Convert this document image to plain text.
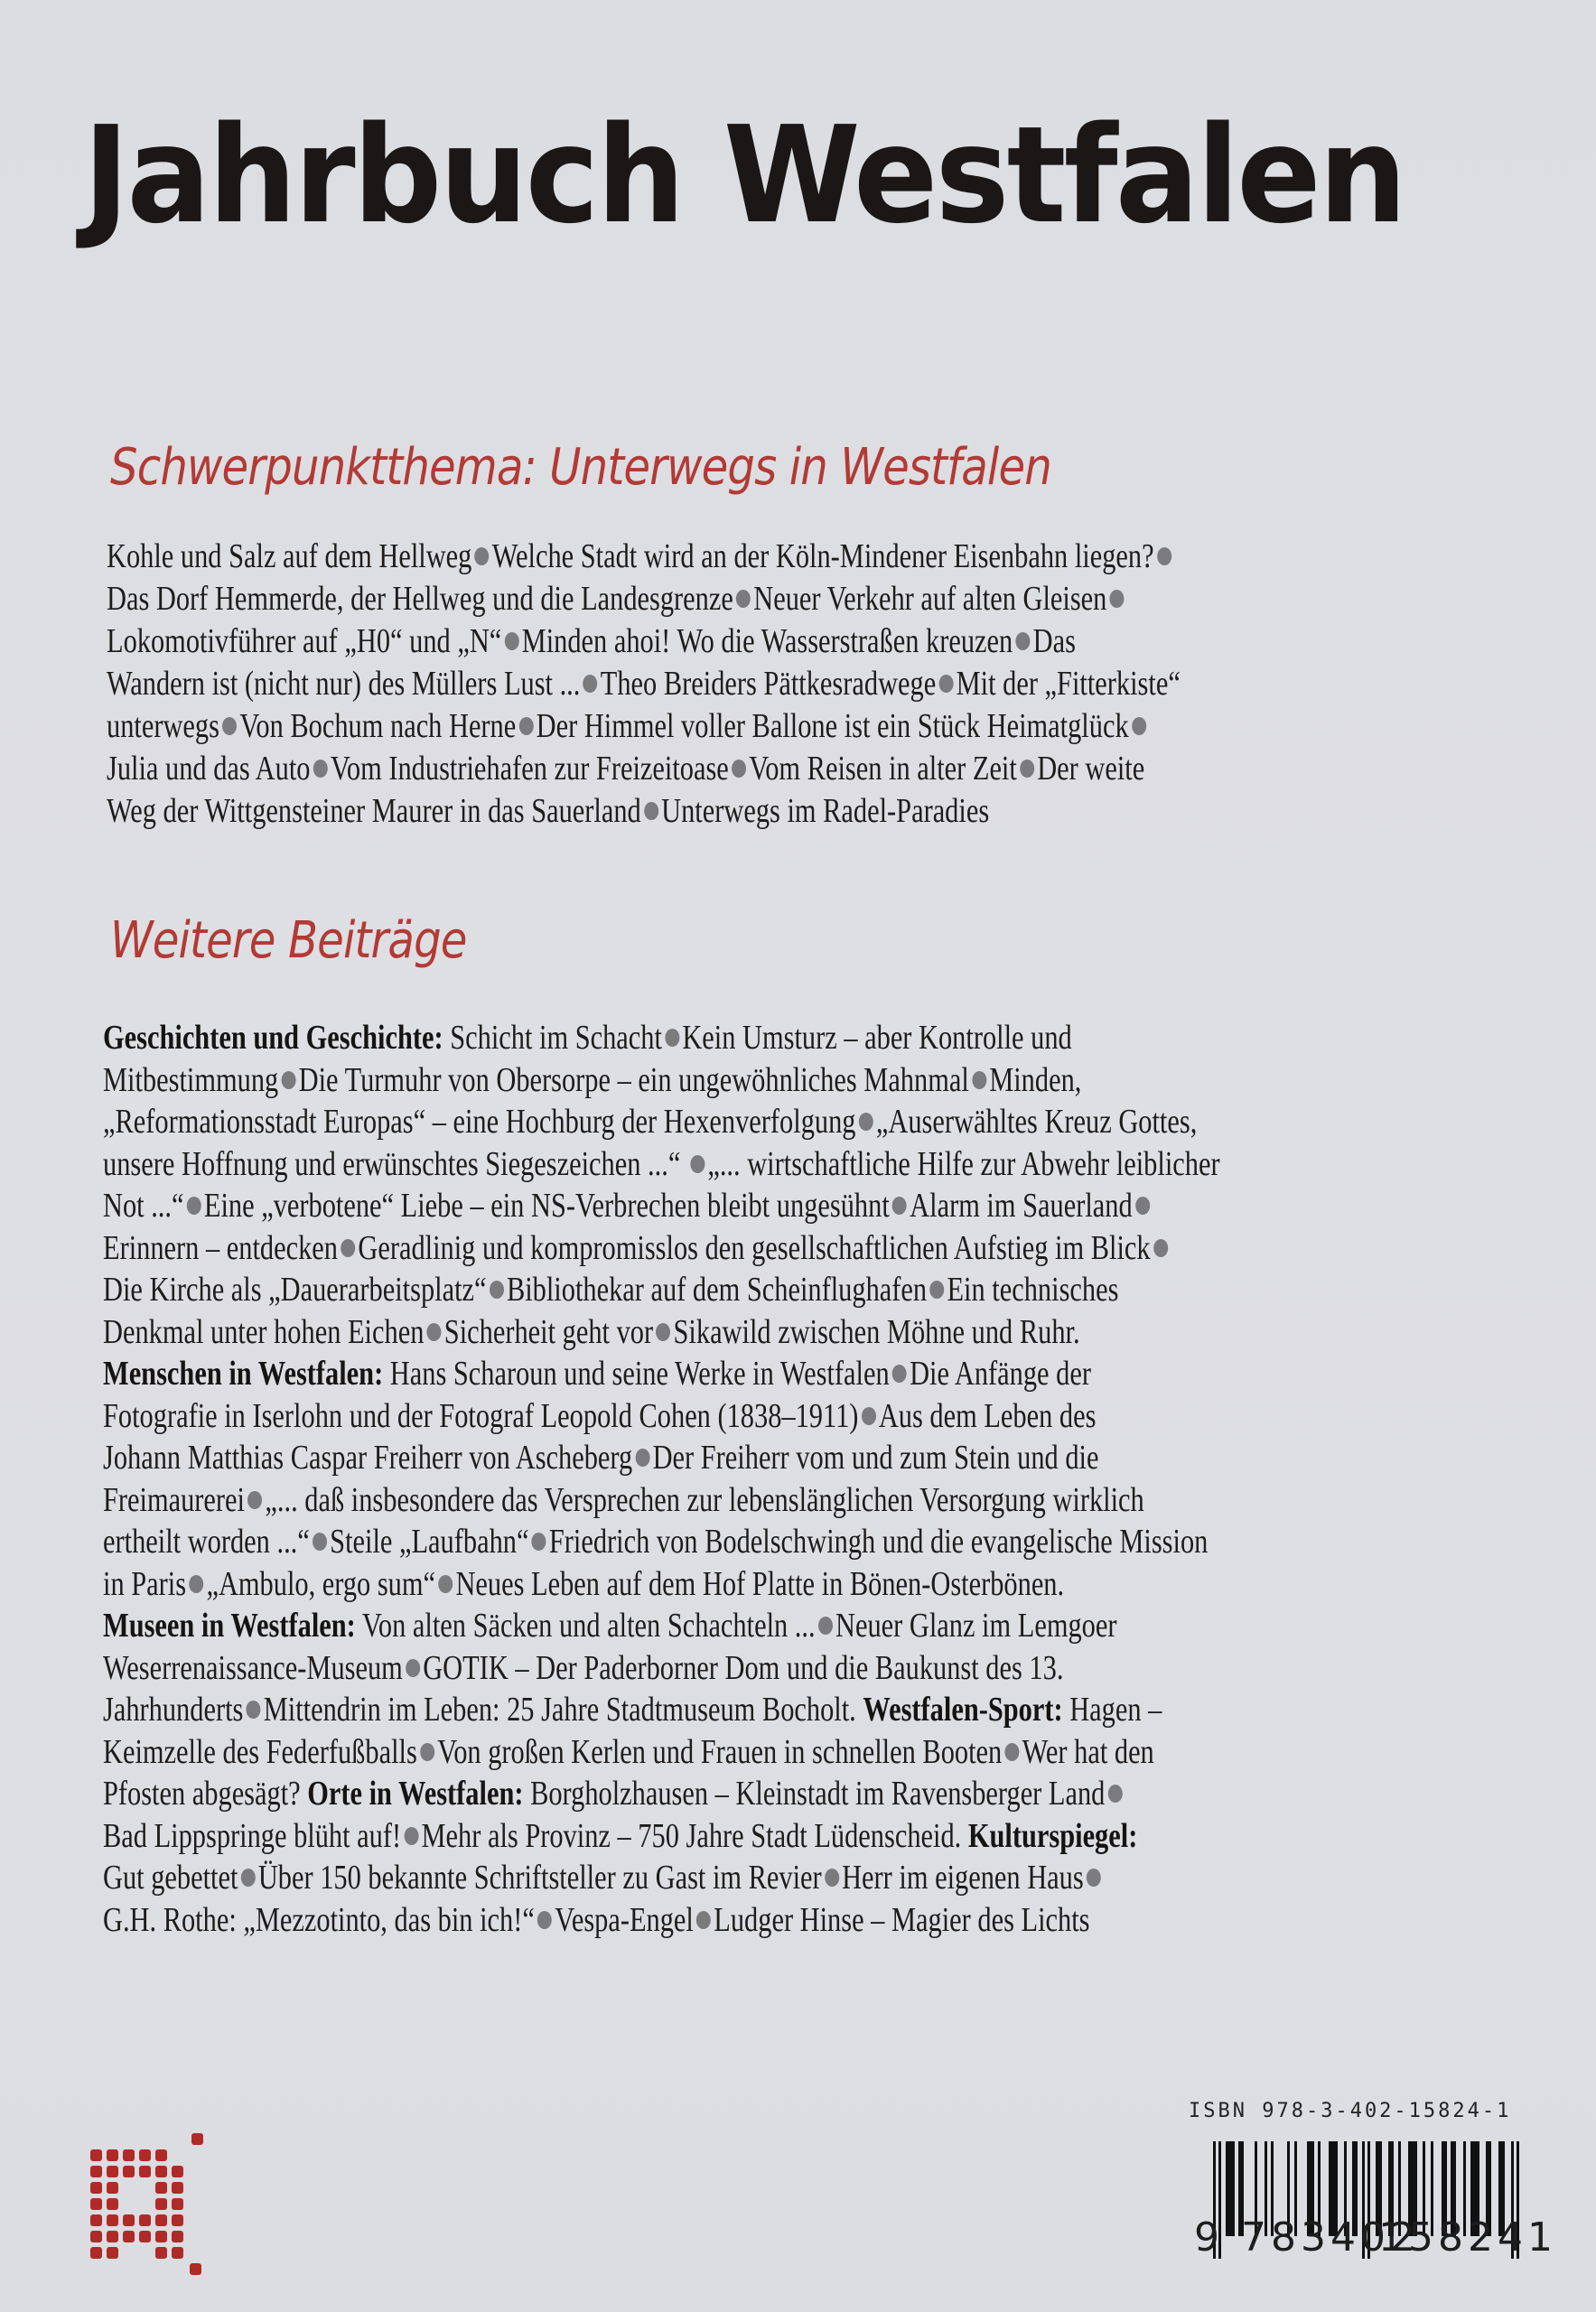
Jahrbuch Westfalen
Schwerpunktthema: Unterwegs in Westfalen
Kohle und Salz auf dem Hellweg Welche Stadt wird an der Köln-Mindener Eisenbahn liegen?
Das Dorf Hemmerde, der Hellweg und die Landesgrenze Neuer Verkehr auf alten Gleisen
Lokomotivführer auf „H0“ und „N“ Minden ahoi! Wo die Wasserstraßen kreuzen Das
Wandern ist (nicht nur) des Müllers Lust ... Theo Breiders Pättkesradwege Mit der „Fitterkiste“
unterwegs Von Bochum nach Herne Der Himmel voller Ballone ist ein Stück Heimatglück
Julia und das Auto Vom Industriehafen zur Freizeitoase Vom Reisen in alter Zeit Der weite
Weg der Wittgensteiner Maurer in das Sauerland Unterwegs im Radel-Paradies
Weitere Beiträge
Geschichten und Geschichte: Schicht im Schacht Kein Umsturz – aber Kontrolle und
Mitbestimmung Die Turmuhr von Obersorpe – ein ungewöhnliches Mahnmal Minden,
„Reformationsstadt Europas“ – eine Hochburg der Hexenverfolgung „Auserwähltes Kreuz Gottes,
unsere Hoffnung und erwünschtes Siegeszeichen ...“ „... wirtschaftliche Hilfe zur Abwehr leiblicher
Not ...“ Eine „verbotene“ Liebe – ein NS-Verbrechen bleibt ungesühnt Alarm im Sauerland
Erinnern – entdecken Geradlinig und kompromisslos den gesellschaftlichen Aufstieg im Blick
Die Kirche als „Dauerarbeitsplatz“ Bibliothekar auf dem Scheinflughafen Ein technisches
Denkmal unter hohen Eichen Sicherheit geht vor Sikawild zwischen Möhne und Ruhr.
Menschen in Westfalen: Hans Scharoun und seine Werke in Westfalen Die Anfänge der
Fotografie in Iserlohn und der Fotograf Leopold Cohen (1838–1911) Aus dem Leben des
Johann Matthias Caspar Freiherr von Ascheberg Der Freiherr vom und zum Stein und die
Freimaurerei „... daß insbesondere das Versprechen zur lebenslänglichen Versorgung wirklich
ertheilt worden ...“ Steile „Laufbahn“ Friedrich von Bodelschwingh und die evangelische Mission
in Paris „Ambulo, ergo sum“ Neues Leben auf dem Hof Platte in Bönen-Osterbönen.
Museen in Westfalen: Von alten Säcken und alten Schachteln ... Neuer Glanz im Lemgoer
Weserrenaissance-Museum GOTIK – Der Paderborner Dom und die Baukunst des 13.
Jahrhunderts Mittendrin im Leben: 25 Jahre Stadtmuseum Bocholt. Westfalen-Sport: Hagen –
Keimzelle des Federfußballs Von großen Kerlen und Frauen in schnellen Booten Wer hat den
Pfosten abgesägt? Orte in Westfalen: Borgholzhausen – Kleinstadt im Ravensberger Land
Bad Lippspringe blüht auf! Mehr als Provinz – 750 Jahre Stadt Lüdenscheid. Kulturspiegel:
Gut gebettet Über 150 bekannte Schriftsteller zu Gast im Revier Herr im eigenen Haus
G.H. Rothe: „Mezzotinto, das bin ich!“ Vespa-Engel Ludger Hinse – Magier des Lichts
ISBN 978-3-402-15824-1
9 783402
158241
